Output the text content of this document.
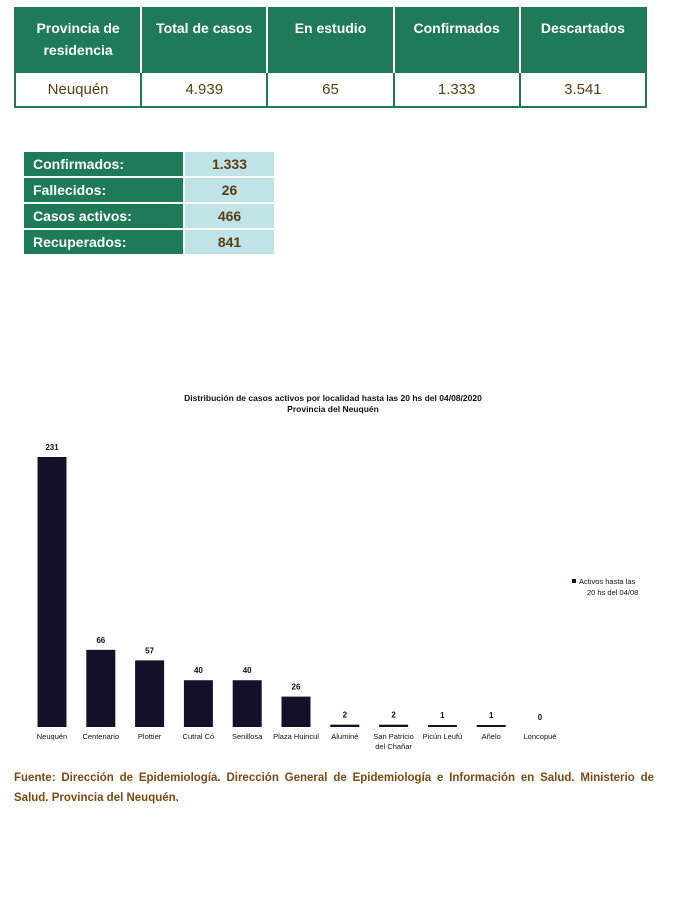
Provincia de residencia	Total de casos	En estudio	Confirmados	Descartados
Neuquén	4.939	65	1.333	3.541
Confirmados:	1.333
Fallecidos:	26
Casos activos:	466
Recuperados:	841
Distribución de casos activos por localidad hasta las 20 hs del 04/08/2020
Provincia del Neuquén
231
Neuquén
66
Centenario
57
Plottier
40
Cutral Có
40
Senillosa
26
Plaza Huincul
2
Aluminé
2
San Patricio
del Chañar
1
Picún Leufú
1
Añelo
0
Loncopué
Activos hasta las
20 hs del 04/08
Fuente: Dirección de Epidemiología. Dirección General de Epidemiología e Información en Salud. Ministerio de Salud. Provincia del Neuquén.
